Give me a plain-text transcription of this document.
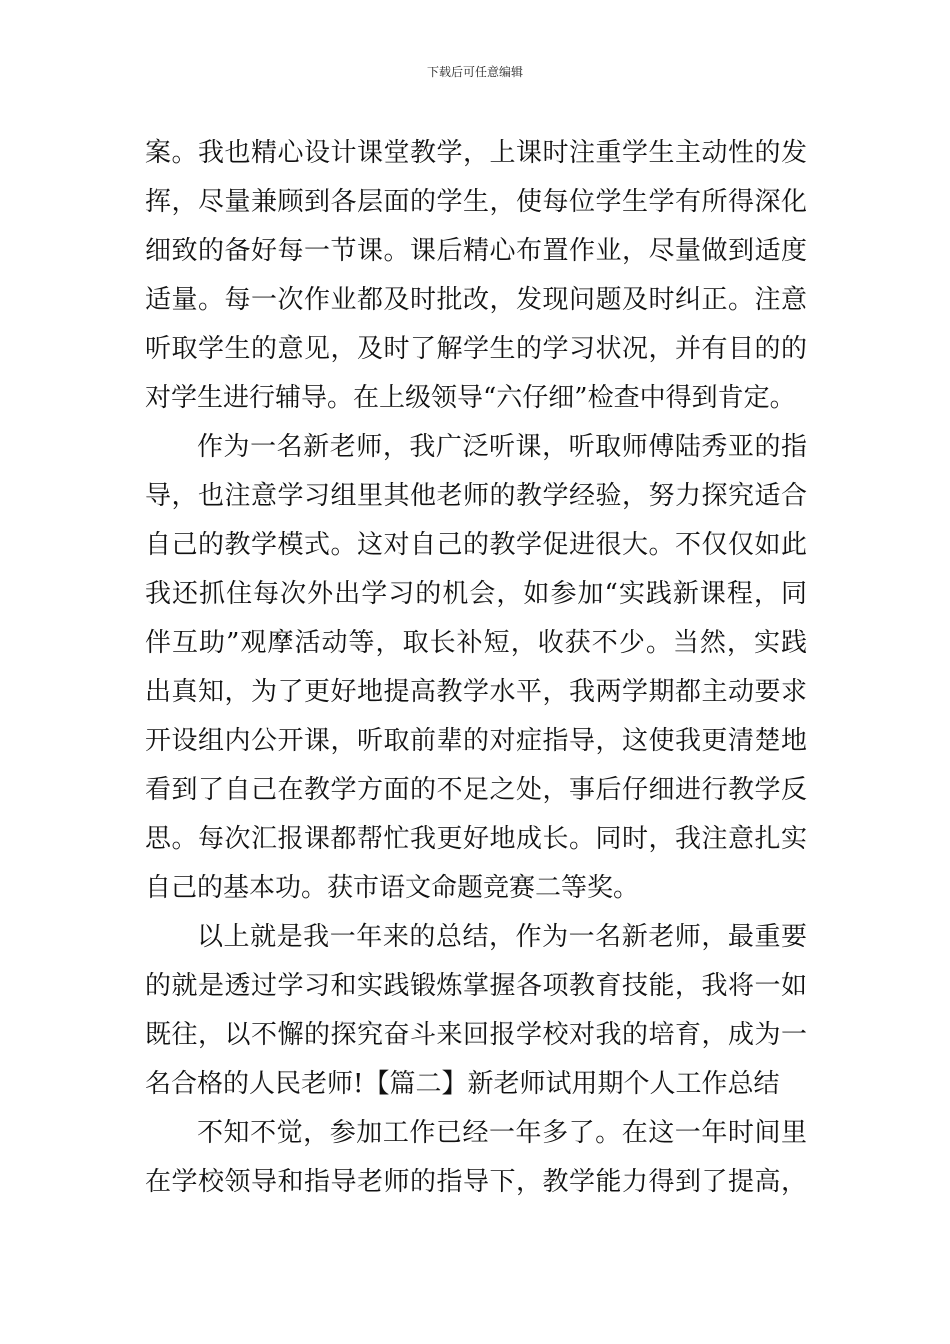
下载后可任意编辑
案。我也精心设计课堂教学，上课时注重学生主动性的发
挥，尽量兼顾到各层面的学生，使每位学生学有所得深化
细致的备好每一节课。课后精心布置作业，尽量做到适度
适量。每一次作业都及时批改，发现问题及时纠正。注意
听取学生的意见，及时了解学生的学习状况，并有目的的
对学生进行辅导。在上级领导“六仔细”检查中得到肯定。
作为一名新老师，我广泛听课，听取师傅陆秀亚的指
导，也注意学习组里其他老师的教学经验，努力探究适合
自己的教学模式。这对自己的教学促进很大。不仅仅如此
我还抓住每次外出学习的机会，如参加“实践新课程，同
伴互助”观摩活动等，取长补短，收获不少。当然，实践
出真知，为了更好地提高教学水平，我两学期都主动要求
开设组内公开课，听取前辈的对症指导，这使我更清楚地
看到了自己在教学方面的不足之处，事后仔细进行教学反
思。每次汇报课都帮忙我更好地成长。同时，我注意扎实
自己的基本功。获市语文命题竞赛二等奖。
以上就是我一年来的总结，作为一名新老师，最重要
的就是透过学习和实践锻炼掌握各项教育技能，我将一如
既往，以不懈的探究奋斗来回报学校对我的培育，成为一
名合格的人民老师!【篇二】新老师试用期个人工作总结
不知不觉，参加工作已经一年多了。在这一年时间里
在学校领导和指导老师的指导下，教学能力得到了提高，
